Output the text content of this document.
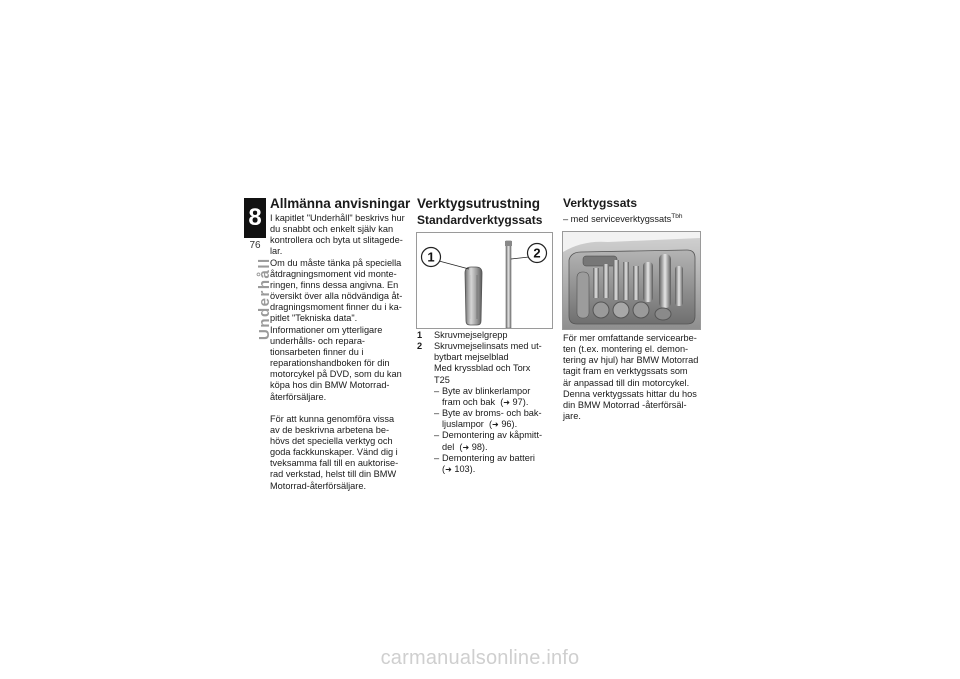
8
76
Underhåll
Allmänna anvisningar

I kapitlet "Underhåll" beskrivs hur
du snabbt och enkelt själv kan
kontrollera och byta ut slitagede-
lar.

Om du måste tänka på speciella
åtdragningsmoment vid monte-
ringen, finns dessa angivna. En
översikt över alla nödvändiga åt-
dragningsmoment finner du i ka-
pitlet "Tekniska data".

Informationer om ytterligare
underhålls- och repara-
tionsarbeten finner du i
reparationshandboken för din
motorcykel på DVD, som du kan
köpa hos din BMW Motorrad-
återförsäljare.

För att kunna genomföra vissa
av de beskrivna arbetena be-
hövs det speciella verktyg och
goda fackkunskaper. Vänd dig i
tveksamma fall till en auktorise-
rad verkstad, helst till din BMW
Motorrad-återförsäljare.

Verktygsutrustning
Standardverktygssats
1	2
1	Skruvmejselgrepp
2	Skruvmejselinsats med ut-
bytbart mejselblad
Med kryssblad och Torx
T25
– Byte av blinkerlampor
fram och bak  (➜ 97).
– Byte av broms- och bak-
ljuslampor  (➜ 96).
– Demontering av kåpmitt-
del  (➜ 98).
– Demontering av batteri
(➜ 103).
Verktygssats
– med serviceverktygssats$^{Tbh}$
För mer omfattande servicearbe-
ten (t.ex. montering el. demon-
tering av hjul) har BMW Motorrad
tagit fram en verktygssats som
är anpassad till din motorcykel.
Denna verktygssats hittar du hos
din BMW Motorrad -återförsäl-
jare.
carmanualsonline.info
